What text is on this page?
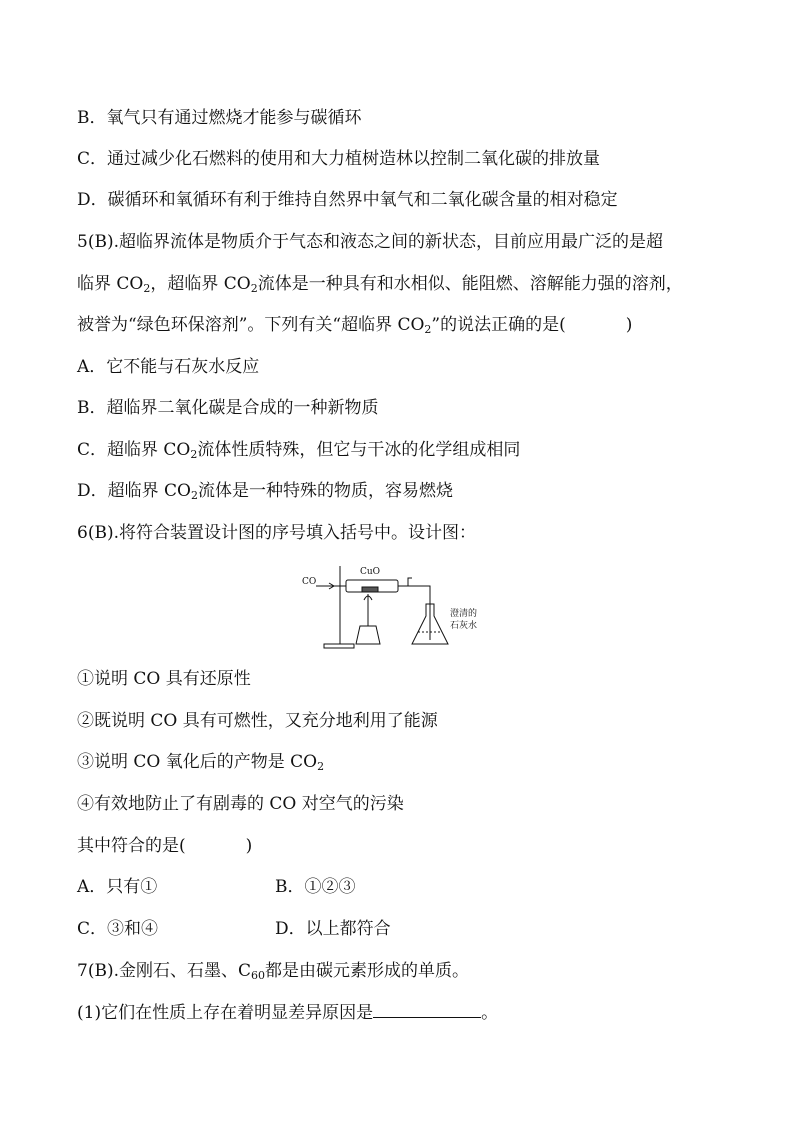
B．氧气只有通过燃烧才能参与碳循环
C．通过减少化石燃料的使用和大力植树造林以控制二氧化碳的排放量
D．碳循环和氧循环有利于维持自然界中氧气和二氧化碳含量的相对稳定
5(B).超临界流体是物质介于气态和液态之间的新状态，目前应用最广泛的是超
临界 $CO_2$，超临界 $CO_2$流体是一种具有和水相似、能阻燃、溶解能力强的溶剂，
被誉为“绿色环保溶剂”。下列有关“超临界 $CO_2$”的说法正确的是(	)
A．它不能与石灰水反应
B．超临界二氧化碳是合成的一种新物质
C．超临界 $CO_2$流体性质特殊，但它与干冰的化学组成相同
D．超临界 $CO_2$流体是一种特殊的物质，容易燃烧
6(B).将符合装置设计图的序号填入括号中。设计图：
CO
CuO
澄清的
石灰水
①说明 CO 具有还原性
②既说明 CO 具有可燃性，又充分地利用了能源
③说明 CO 氧化后的产物是 $CO_2$
④有效地防止了有剧毒的 CO 对空气的污染
其中符合的是(	)
A．只有①	B．①②③
C．③和④	D．以上都符合
7(B).金刚石、石墨、$C_{60}$都是由碳元素形成的单质。
(1)它们在性质上存在着明显差异原因是	。
